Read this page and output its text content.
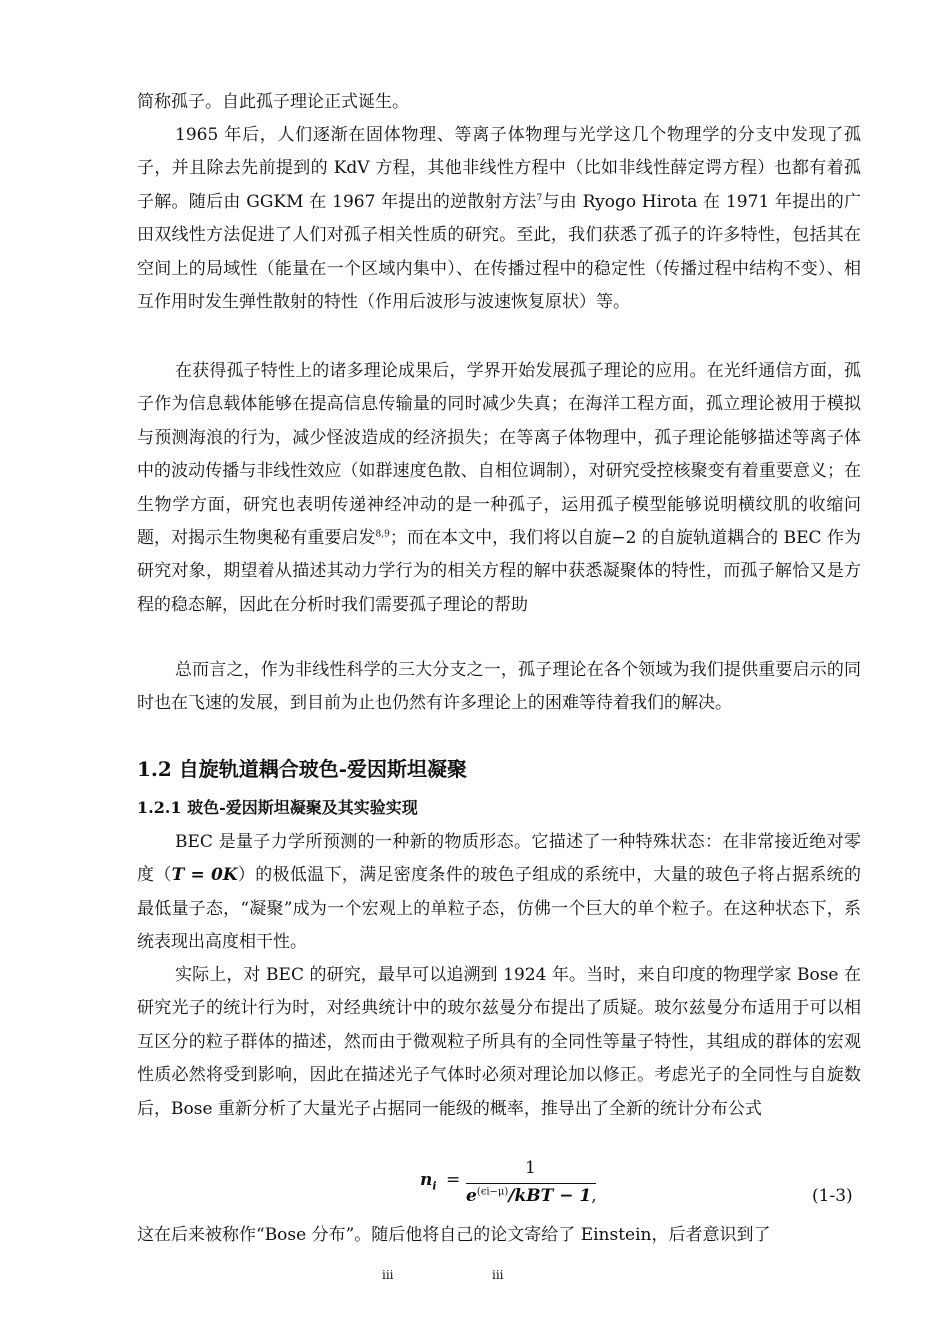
简称孤子。自此孤子理论正式诞生。

1965 年后，人们逐渐在固体物理、等离子体物理与光学这几个物理学的分支中发现了孤子，并且除去先前提到的 KdV 方程，其他非线性方程中（比如非线性薛定谔方程）也都有着孤子解。随后由 GGKM 在 1967 年提出的逆散射方法$^7$与由 Ryogo Hirota 在 1971 年提出的广田双线性方法促进了人们对孤子相关性质的研究。至此，我们获悉了孤子的许多特性，包括其在空间上的局域性（能量在一个区域内集中）、在传播过程中的稳定性（传播过程中结构不变）、相互作用时发生弹性散射的特性（作用后波形与波速恢复原状）等。

在获得孤子特性上的诸多理论成果后，学界开始发展孤子理论的应用。在光纤通信方面，孤子作为信息载体能够在提高信息传输量的同时减少失真；在海洋工程方面，孤立理论被用于模拟与预测海浪的行为，减少怪波造成的经济损失；在等离子体物理中，孤子理论能够描述等离子体中的波动传播与非线性效应（如群速度色散、自相位调制），对研究受控核聚变有着重要意义；在生物学方面，研究也表明传递神经冲动的是一种孤子，运用孤子模型能够说明横纹肌的收缩问题，对揭示生物奥秘有重要启发$^{8,9}$；而在本文中，我们将以自旋−2 的自旋轨道耦合的 BEC 作为研究对象，期望着从描述其动力学行为的相关方程的解中获悉凝聚体的特性，而孤子解恰又是方程的稳态解，因此在分析时我们需要孤子理论的帮助

总而言之，作为非线性科学的三大分支之一，孤子理论在各个领域为我们提供重要启示的同时也在飞速的发展，到目前为止也仍然有许多理论上的困难等待着我们的解决。

1.2 自旋轨道耦合玻色-爱因斯坦凝聚
1.2.1 玻色-爱因斯坦凝聚及其实验实现

BEC 是量子力学所预测的一种新的物质形态。它描述了一种特殊状态：在非常接近绝对零度（T = 0K）的极低温下，满足密度条件的玻色子组成的系统中，大量的玻色子将占据系统的最低量子态，“凝聚”成为一个宏观上的单粒子态，仿佛一个巨大的单个粒子。在这种状态下，系统表现出高度相干性。

实际上，对 BEC 的研究，最早可以追溯到 1924 年。当时，来自印度的物理学家 Bose 在研究光子的统计行为时，对经典统计中的玻尔兹曼分布提出了质疑。玻尔兹曼分布适用于可以相互区分的粒子群体的描述，然而由于微观粒子所具有的全同性等量子特性，其组成的群体的宏观性质必然将受到影响，因此在描述光子气体时必须对理论加以修正。考虑光子的全同性与自旋数后，Bose 重新分析了大量光子占据同一能级的概率，推导出了全新的统计分布公式

$n_i$ =
1
$e^{(\epsilon i-\mu)}$/kBT − 1,	(1-3)

这在后来被称作“Bose 分布”。随后他将自己的论文寄给了 Einstein，后者意识到了

iii	iii
